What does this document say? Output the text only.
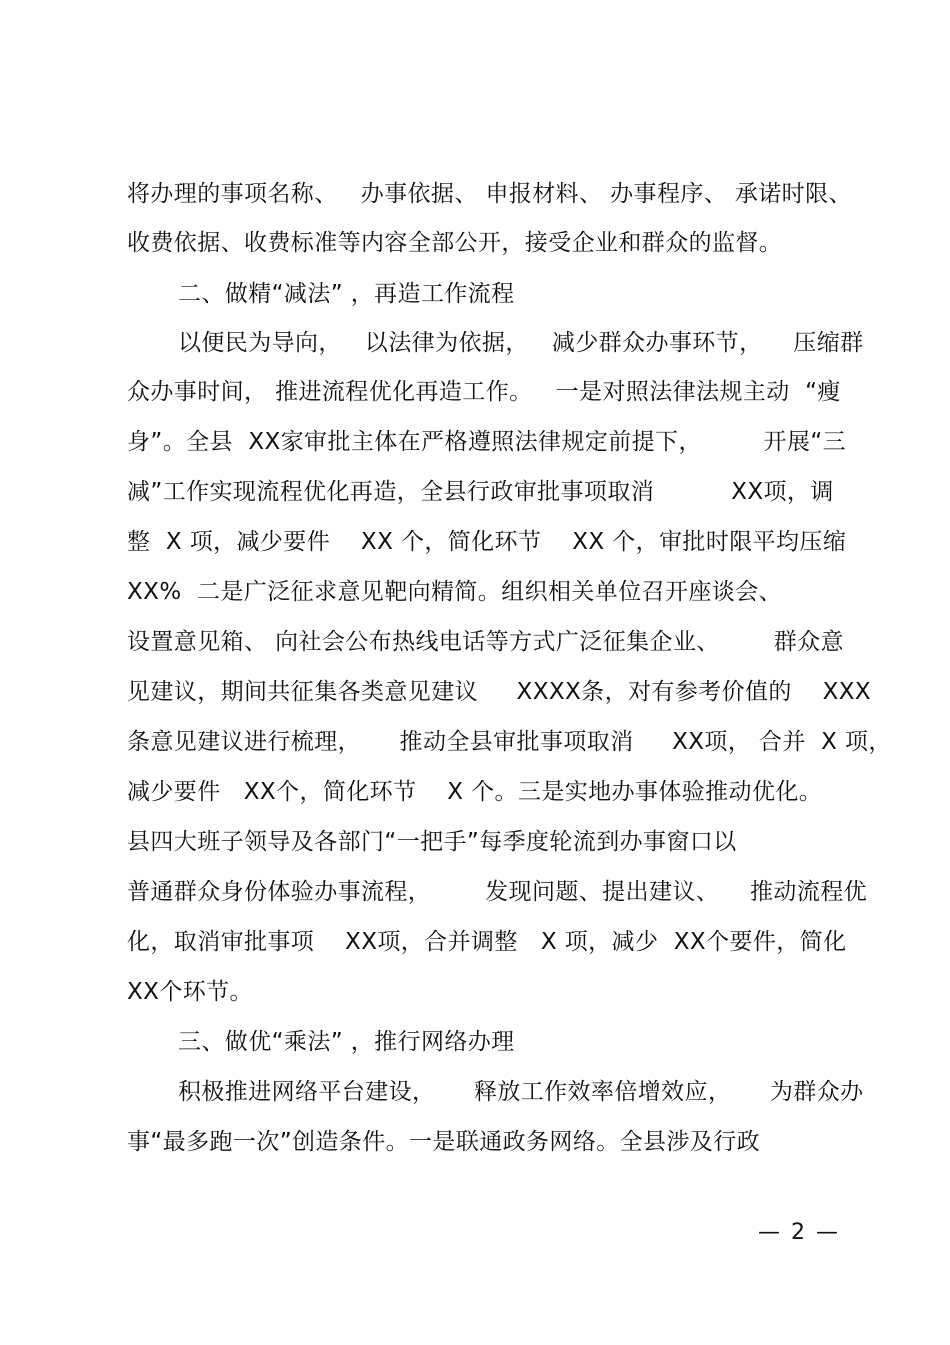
将办理的事项名称、   办事依据、 申报材料、 办事程序、 承诺时限、
收费依据、收费标准等内容全部公开，接受企业和群众的监督。
二、做精“减法” ，再造工作流程
以便民为导向，   以法律为依据，   减少群众办事环节，    压缩群
众办事时间， 推进流程优化再造工作。   一是对照法律法规主动  “瘦
身”。全县  XX家审批主体在严格遵照法律规定前提下，        开展“三
减”工作实现流程优化再造，全县行政审批事项取消          XX项，调
整  X 项，减少要件    XX 个，简化环节    XX 个，审批时限平均压缩
XX%  二是广泛征求意见靶向精简。组织相关单位召开座谈会、
设置意见箱、 向社会公布热线电话等方式广泛征集企业、       群众意
见建议，期间共征集各类意见建议     XXXX条，对有参考价值的    XXX
条意见建议进行梳理，     推动全县审批事项取消     XX项， 合并  X 项，
减少要件   XX个，简化环节    X 个。三是实地办事体验推动优化。
县四大班子领导及各部门“一把手”每季度轮流到办事窗口以
普通群众身份体验办事流程，       发现问题、提出建议、    推动流程优
化，取消审批事项    XX项，合并调整   X 项，减少  XX个要件，简化
XX个环节。
三、做优“乘法” ，推行网络办理
积极推进网络平台建设，     释放工作效率倍增效应，     为群众办
事“最多跑一次”创造条件。一是联通政务网络。全县涉及行政
— 2 —
